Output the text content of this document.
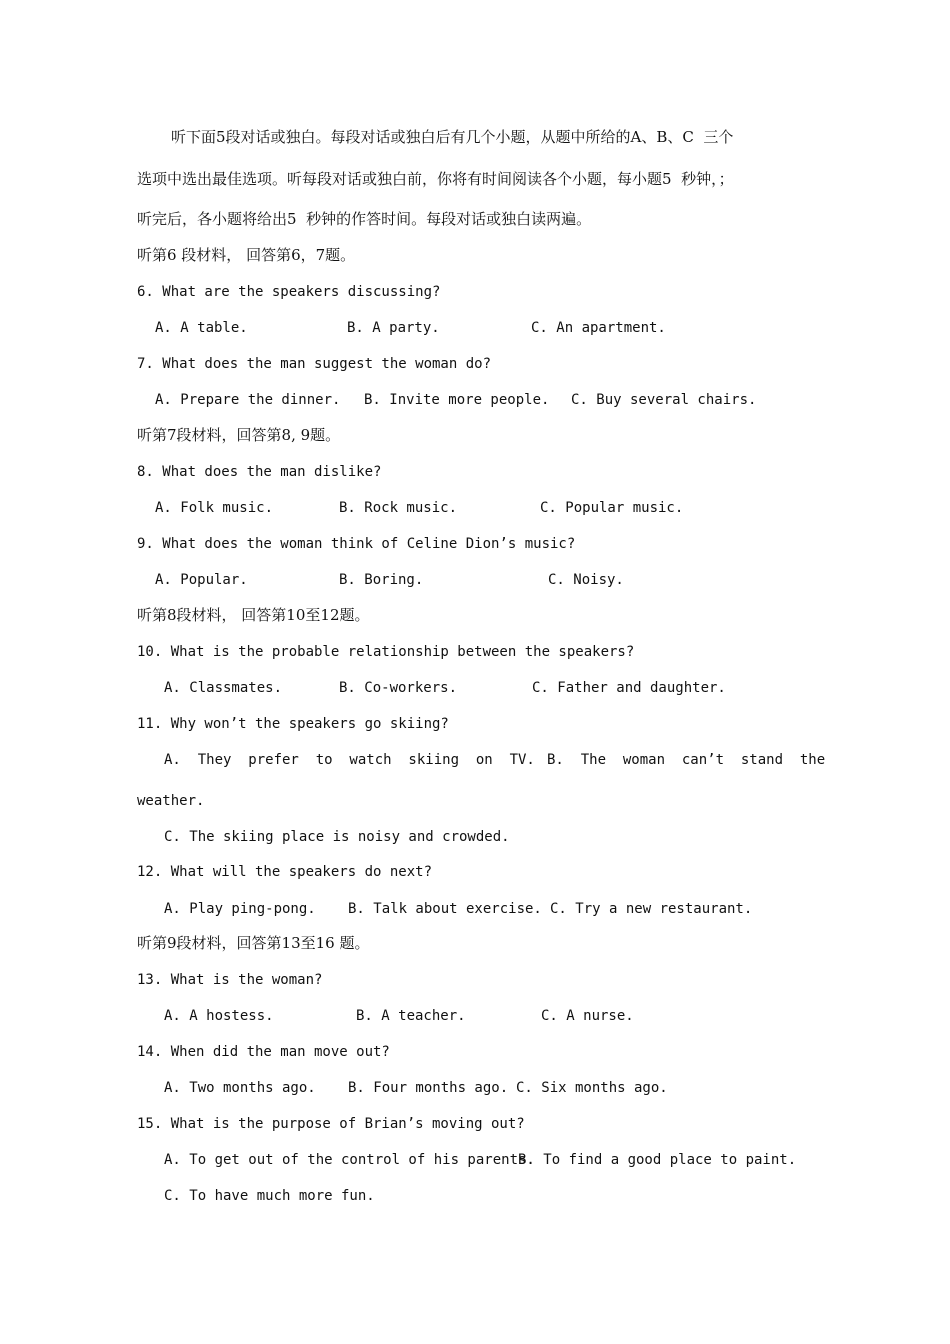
听下面5段对话或独白。每段对话或独白后有几个小题，从题中所给的A、B、C  三个
选项中选出最佳选项。听每段对话或独白前，你将有时间阅读各个小题，每小题5  秒钟，；
听完后，各小题将给出5  秒钟的作答时间。每段对话或独白读两遍。
听第6 段材料， 回答第6，7题。
6. What are the speakers discussing?
A. A table.	B. A party.	C. An apartment.
7. What does the man suggest the woman do?
A. Prepare the dinner. B. Invite more people. C. Buy several chairs.
听第7段材料，回答第8, 9题。
8. What does the man dislike?
A. Folk music.	B. Rock music.	C. Popular music.
9. What does the woman think of Celine Dion’s music?
A. Popular.	B. Boring.	C. Noisy.
听第8段材料， 回答第10至12题。
10. What is the probable relationship between the speakers?
A. Classmates.	B. Co-workers.	C. Father and daughter.
11. Why won’t the speakers go skiing?
A.  They  prefer  to  watch  skiing  on  TV. B.  The  woman  can’t  stand  the
weather.
C. The skiing place is noisy and crowded.
12. What will the speakers do next?
A. Play ping-pong. B. Talk about exercise. C. Try a new restaurant.
听第9段材料，回答第13至16 题。
13. What is the woman?
A. A hostess.	B. A teacher.	C. A nurse.
14. When did the man move out?
A. Two months ago. B. Four months ago. C. Six months ago.
15. What is the purpose of Brian’s moving out?
A. To get out of the control of his parents.
B. To find a good place to paint.
C. To have much more fun.
